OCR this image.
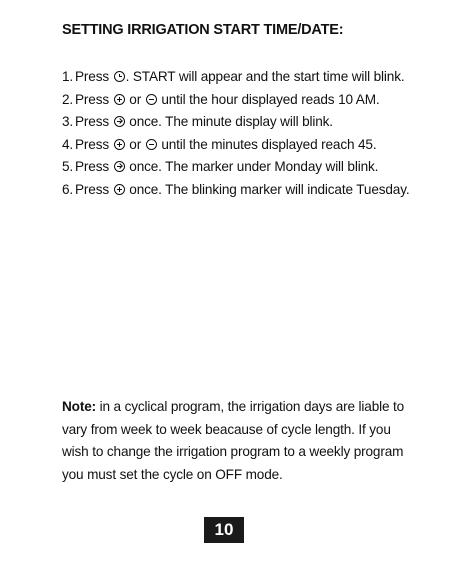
SETTING IRRIGATION START TIME/DATE:
1. Press . START will appear and the start time will blink.
2. Press or until the hour displayed reads 10 AM.
3. Press once. The minute display will blink.
4. Press or until the minutes displayed reach 45.
5. Press once. The marker under Monday will blink.
6. Press once. The blinking marker will indicate Tuesday.

Note: in a cyclical program, the irrigation days are liable to vary from week to week beacause of cycle length. If you wish to change the irrigation program to a weekly program you must set the cycle on OFF mode.

10
